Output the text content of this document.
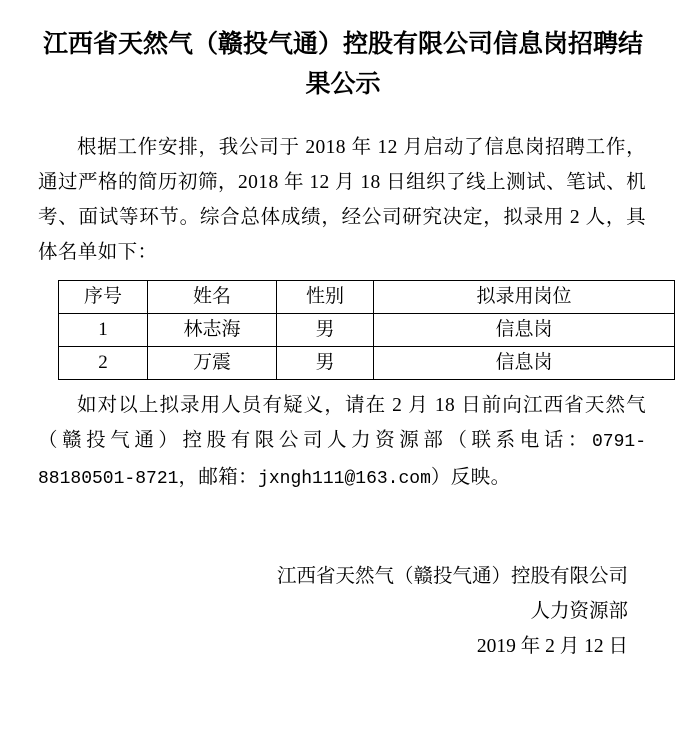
江西省天然气（赣投气通）控股有限公司信息岗招聘结果公示

根据工作安排，我公司于 2018 年 12 月启动了信息岗招聘工作，通过严格的简历初筛，2018 年 12 月 18 日组织了线上测试、笔试、机考、面试等环节。综合总体成绩，经公司研究决定，拟录用 2 人，具体名单如下：

序号	姓名	性别	拟录用岗位
1	林志海	男	信息岗
2	万震	男	信息岗

如对以上拟录用人员有疑义，请在 2 月 18 日前向江西省天然气（赣投气通）控股有限公司人力资源部（联系电话：0791-88180501-8721，邮箱：jxngh111@163.com）反映。

江西省天然气（赣投气通）控股有限公司
人力资源部
2019 年 2 月 12 日
